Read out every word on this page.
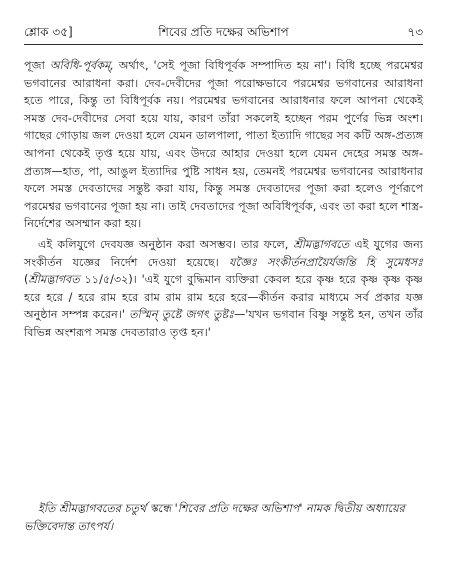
শ্লোক ৩৫]	শিবের প্রতি দক্ষের অভিশাপ	৭৩

পূজা অবিধি-পূর্বকম্‌, অর্থাৎ, 'সেই পূজা বিধিপূর্বক সম্পাদিত হয় না'। বিধি হচ্ছে পরমেশ্বর ভগবানের আরাধনা করা। দেব-দেবীদের পূজা পরোক্ষভাবে পরমেশ্বর ভগবানের আরাধনা হতে পারে, কিন্তু তা বিধিপূর্বক নয়। পরমেশ্বর ভগবানের আরাধনার ফলে আপনা থেকেই সমস্ত দেব-দেবীদের সেবা হয়ে যায়, কারণ তাঁরা সকলেই হচ্ছেন পরম পুর্ণের ভিন্ন অংশ। গাছের গোড়ায় জল দেওয়া হলে যেমন ডালপালা, পাতা ইত্যাদি গাছের সব কটি অঙ্গ-প্রত্যঙ্গ আপনা থেকেই তৃপ্ত হয়ে যায়, এবং উদরে আহার দেওয়া হলে যেমন দেহের সমস্ত অঙ্গ-প্রত্যঙ্গ—হাত, পা, আঙুল ইত্যাদির পুষ্টি সাধন হয়, তেমনই পরমেশ্বর ভগবানের আরাধনার ফলে সমস্ত দেবতাদের সন্তুষ্ট করা যায়, কিন্তু সমস্ত দেবতাদের পূজা করা হলেও পূর্ণরূপে পরমেশ্বর ভগবানের পূজা হয় না। তাই দেবতাদের পূজা অবিধিপূর্বক, এবং তা করা হলে শাস্ত্র-নির্দেশের অসম্মান করা হয়।

এই কলিযুগে দেবযজ্ঞ অনুষ্ঠান করা অসম্ভব। তার ফলে, শ্রীমদ্ভাগবতে এই যুগের জন্য সংকীর্তন যজ্ঞের নির্দেশ দেওয়া হয়েছে। যজ্ঞৈঃ সংকীর্তনপ্রায়ৈর্যজন্তি হি সুমেধসঃ (শ্রীমদ্ভাগবত ১১/৫/৩২)। 'এই যুগে বুদ্ধিমান ব্যক্তিরা কেবল হরে কৃষ্ণ হরে কৃষ্ণ কৃষ্ণ কৃষ্ণ হরে হরে / হরে রাম হরে রাম রাম রাম হরে হরে—কীর্তন করার মাধ্যমে সর্ব প্রকার যজ্ঞ অনুষ্ঠান সম্পন্ন করেন।' তস্মিন্‌ তুষ্টে জগৎ তুষ্টঃ—'যখন ভগবান বিষ্ণু সন্তুষ্ট হন, তখন তাঁর বিভিন্ন অংশরূপ সমস্ত দেবতারাও তৃপ্ত হন।'

ইতি শ্রীমদ্ভাগবতের চতুর্থ স্কন্ধে 'শিবের প্রতি দক্ষের অভিশাপ' নামক দ্বিতীয় অধ্যায়ের ভক্তিবেদান্ত তাৎপর্য।
